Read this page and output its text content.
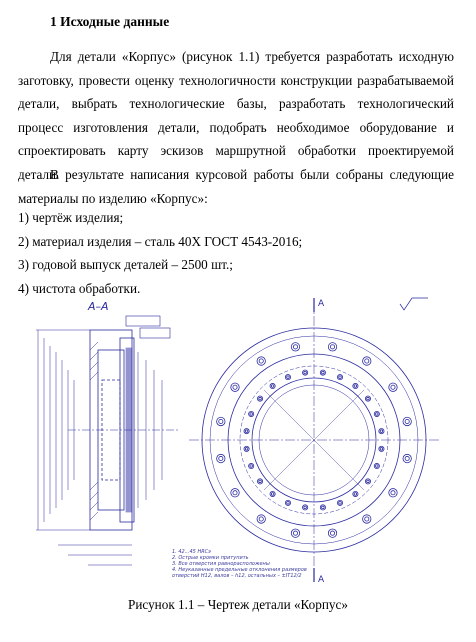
1 Исходные данные
Для детали «Корпус» (рисунок 1.1) требуется разработать исходную заготовку, провести оценку технологичности конструкции разрабатываемой детали, выбрать технологические базы, разработать технологический процесс изготовления детали, подобрать необходимое оборудование и спроектировать карту эскизов маршрутной обработки проектируемой детали.
В результате написания курсовой работы были собраны следующие материалы по изделию «Корпус»:
1) чертёж изделия;
2) материал изделия – сталь 40Х ГОСТ 4543-2016;
3) годовой выпуск деталей – 2500 шт.;
4) чистота обработки.
А–А	А
А
1. 42...45 HRCэ
2. Острые кромки притупить
3. Все отверстия равнорасположены
4. Неуказанные предельные отклонения размеров
отверстий Н12, валов – h12, остальных – ±IT12/2
Рисунок 1.1 – Чертеж детали «Корпус»
